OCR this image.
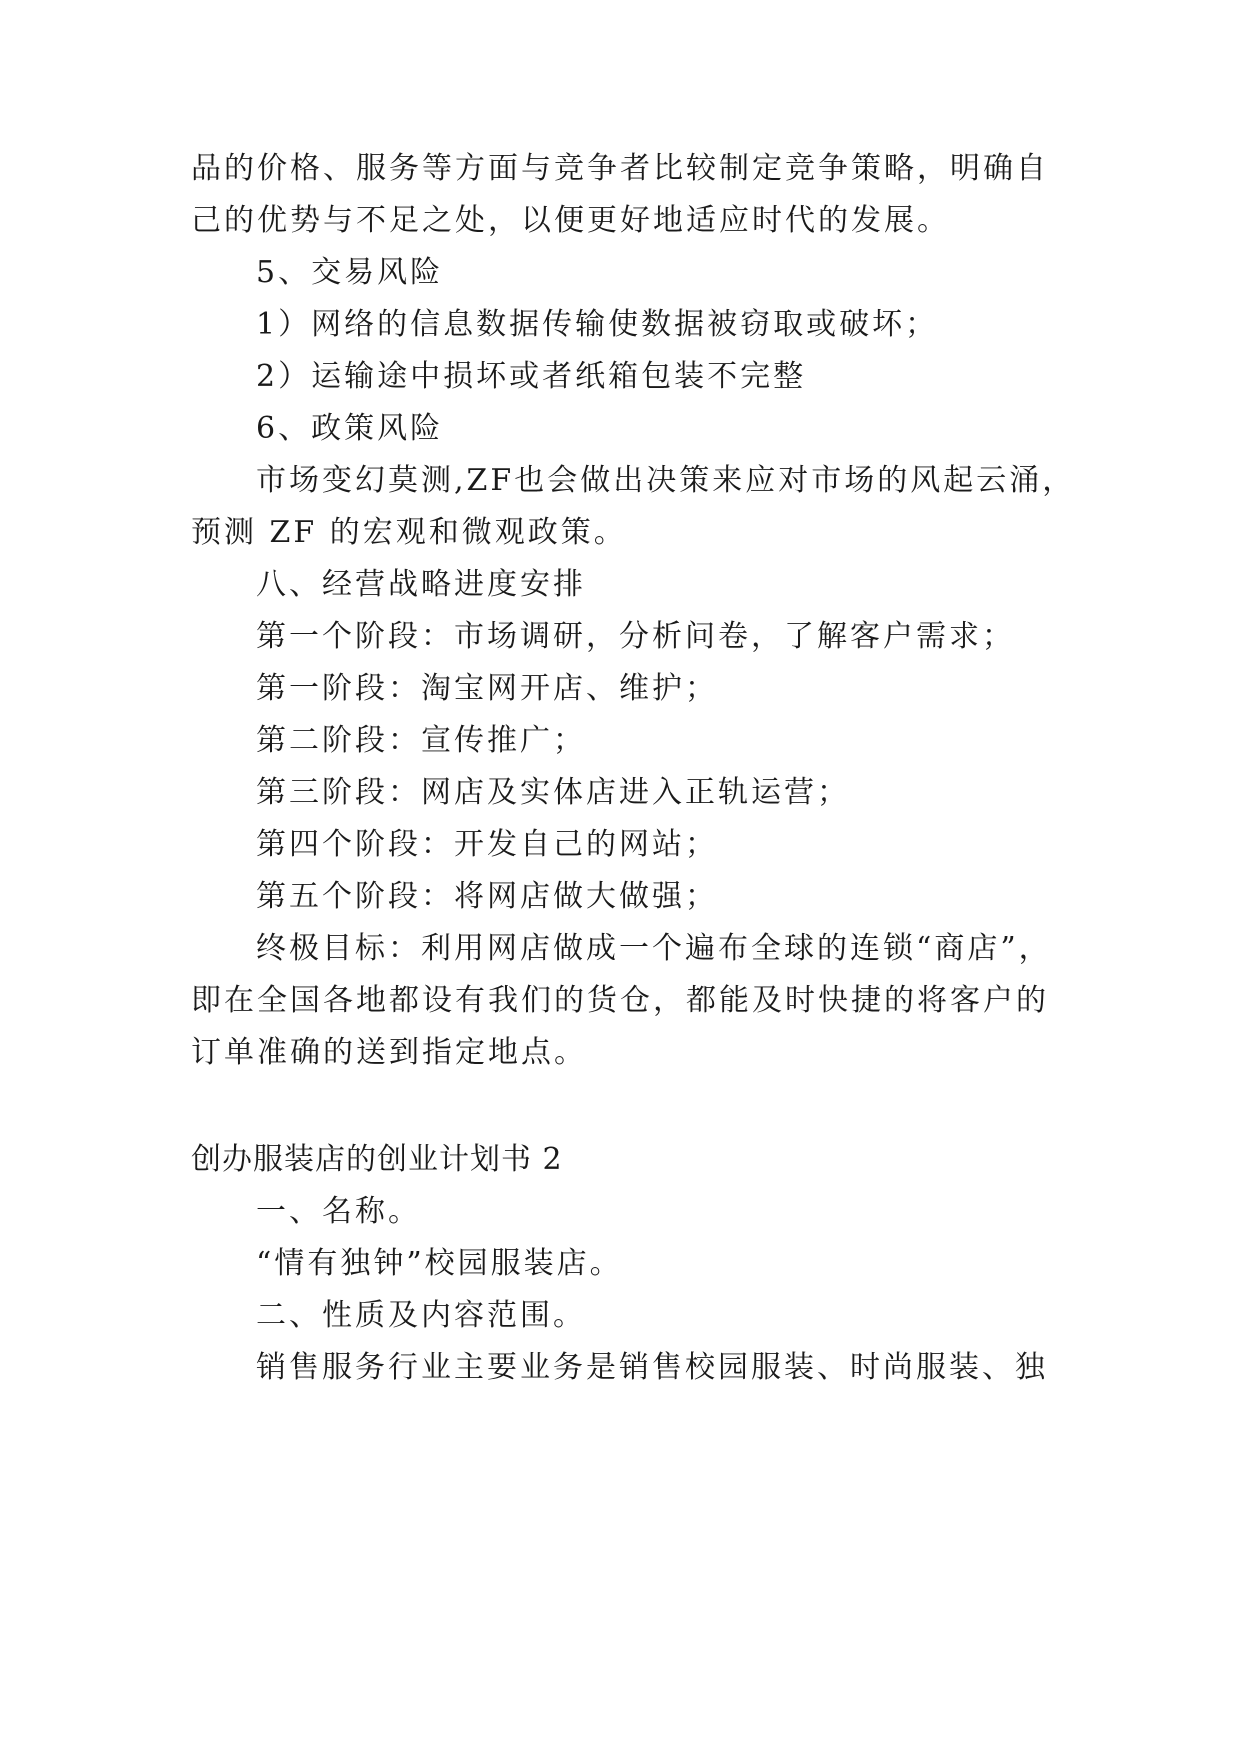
品的价格、服务等方面与竞争者比较制定竞争策略，明确自
己的优势与不足之处，以便更好地适应时代的发展。
5、交易风险
1）网络的信息数据传输使数据被窃取或破坏；
2）运输途中损坏或者纸箱包装不完整
6、政策风险
市场变幻莫测,ZF也会做出决策来应对市场的风起云涌，
预测 ZF 的宏观和微观政策。
八、经营战略进度安排
第一个阶段：市场调研，分析问卷，了解客户需求；
第一阶段：淘宝网开店、维护；
第二阶段：宣传推广；
第三阶段：网店及实体店进入正轨运营；
第四个阶段：开发自己的网站；
第五个阶段：将网店做大做强；
终极目标：利用网店做成一个遍布全球的连锁“商店”，
即在全国各地都设有我们的货仓，都能及时快捷的将客户的
订单准确的送到指定地点。
创办服装店的创业计划书 2
一、名称。
“情有独钟”校园服装店。
二、性质及内容范围。
销售服务行业主要业务是销售校园服装、时尚服装、独
